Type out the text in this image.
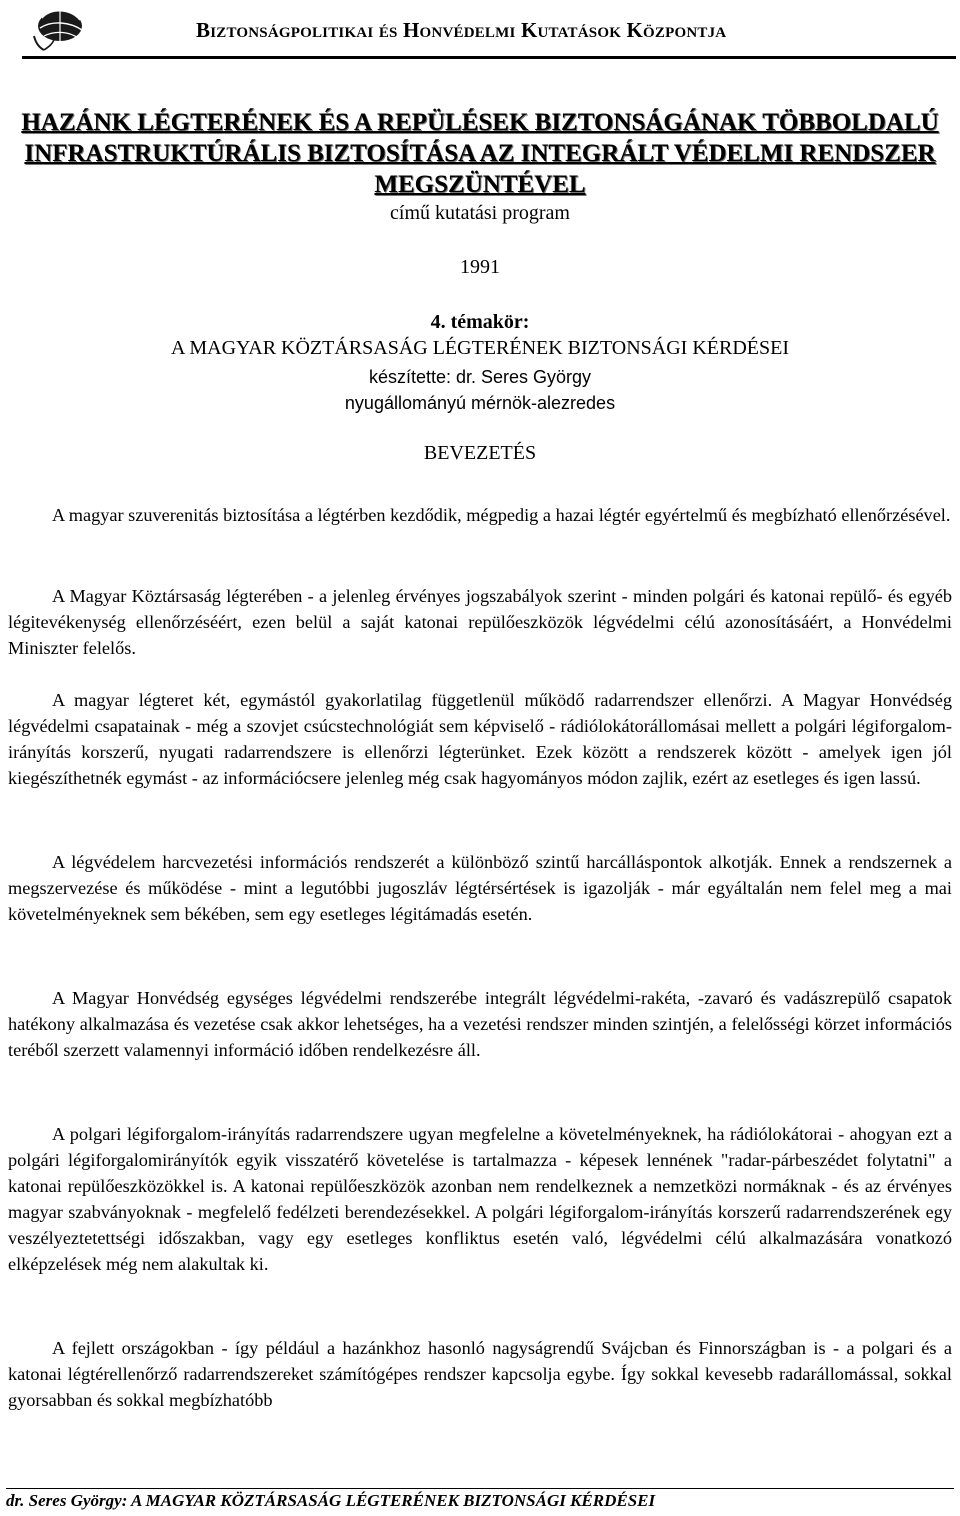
Biztonságpolitikai és Honvédelmi Kutatások Központja
HAZÁNK LÉGTERÉNEK ÉS A REPÜLÉSEK BIZTONSÁGÁNAK TÖBBOLDALÚ INFRASTRUKTÚRÁLIS BIZTOSÍTÁSA AZ INTEGRÁLT VÉDELMI RENDSZER MEGSZÜNTÉVEL
című kutatási program
1991
4. témakör:
A MAGYAR KÖZTÁRSASÁG LÉGTERÉNEK BIZTONSÁGI KÉRDÉSEI
készítette: dr. Seres György
nyugállományú mérnök-alezredes
BEVEZETÉS

A magyar szuverenitás biztosítása a légtérben kezdődik, mégpedig a hazai légtér egyértelmű és megbízható ellenőrzésével.

A Magyar Köztársaság légterében - a jelenleg érvényes jogszabályok szerint - minden polgári és katonai repülő- és egyéb légitevékenység ellenőrzéséért, ezen belül a saját katonai repülőeszközök légvédelmi célú azonosításáért, a Honvédelmi Miniszter felelős.

A magyar légteret két, egymástól gyakorlatilag függetlenül működő radarrendszer ellenőrzi. A Magyar Honvédség légvédelmi csapatainak - még a szovjet csúcstechnológiát sem képviselő - rádiólokátorállomásai mellett a polgári légiforgalom-irányítás korszerű, nyugati radarrendszere is ellenőrzi légterünket. Ezek között a rendszerek között - amelyek igen jól kiegészíthetnék egymást - az információcsere jelenleg még csak hagyományos módon zajlik, ezért az esetleges és igen lassú.

A légvédelem harcvezetési információs rendszerét a különböző szintű harcálláspontok alkotják. Ennek a rendszernek a megszervezése és működése - mint a legutóbbi jugoszláv légtérsértések is igazolják - már egyáltalán nem felel meg a mai követelményeknek sem békében, sem egy esetleges légitámadás esetén.

A Magyar Honvédség egységes légvédelmi rendszerébe integrált légvédelmi-rakéta, -zavaró és vadászrepülő csapatok hatékony alkalmazása és vezetése csak akkor lehetséges, ha a vezetési rendszer minden szintjén, a felelősségi körzet információs teréből szerzett valamennyi információ időben rendelkezésre áll.

A polgari légiforgalom-irányítás radarrendszere ugyan megfelelne a követelményeknek, ha rádiólokátorai - ahogyan ezt a polgári légiforgalomirányítók egyik visszatérő követelése is tartalmazza - képesek lennének "radar-párbeszédet folytatni" a katonai repülőeszközökkel is. A katonai repülőeszközök azonban nem rendelkeznek a nemzetközi normáknak - és az érvényes magyar szabványoknak - megfelelő fedélzeti berendezésekkel. A polgári légiforgalom-irányítás korszerű radarrendszerének egy veszélyeztetettségi időszakban, vagy egy esetleges konfliktus esetén való, légvédelmi célú alkalmazására vonatkozó elképzelések még nem alakultak ki.

A fejlett országokban - így például a hazánkhoz hasonló nagyságrendű Svájcban és Finnországban is - a polgari és a katonai légtérellenőrző radarrendszereket számítógépes rendszer kapcsolja egybe. Így sokkal kevesebb radarállomással, sokkal gyorsabban és sokkal megbízhatóbb

dr. Seres György: A MAGYAR KÖZTÁRSASÁG LÉGTERÉNEK BIZTONSÁGI KÉRDÉSEI
